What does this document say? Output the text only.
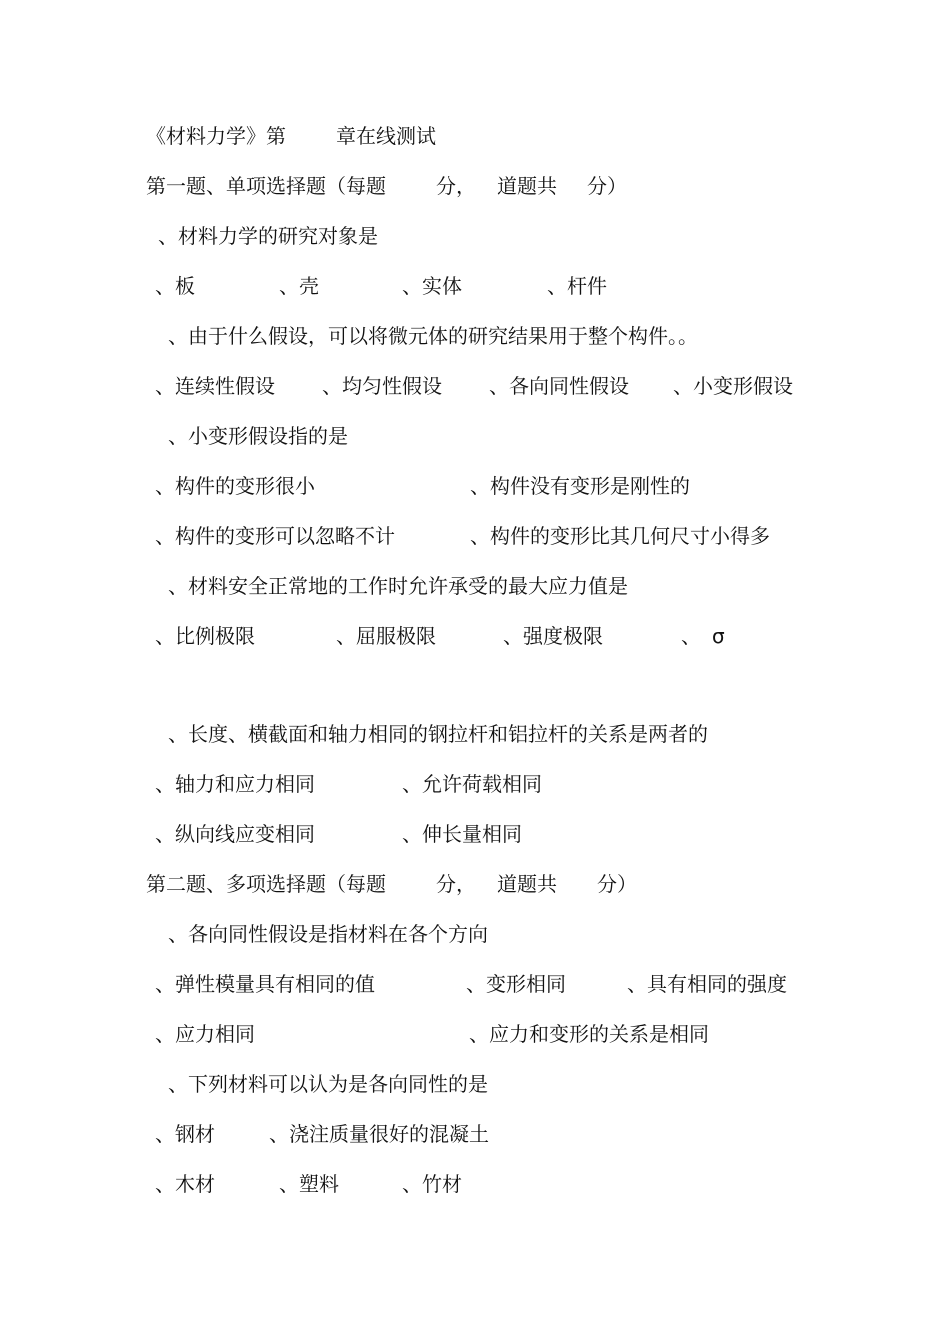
《材料力学》第	章在线测试
第一题、单项选择题（每题	分， 道题共 分）
、材料力学的研究对象是
、板	、壳	、实体	、杆件
、由于什么假设，可以将微元体的研究结果用于整个构件。。
、连续性假设 、均匀性假设 、各向同性假设 、小变形假设
、小变形假设指的是
、构件的变形很小	、构件没有变形是刚性的
、构件的变形可以忽略不计	、构件的变形比其几何尺寸小得多
、材料安全正常地的工作时允许承受的最大应力值是
、比例极限	、屈服极限	、强度极限	、 σ
、长度、横截面和轴力相同的钢拉杆和铝拉杆的关系是两者的
、轴力和应力相同	、允许荷载相同
、纵向线应变相同	、伸长量相同
第二题、多项选择题（每题	分， 道题共 分）
、各向同性假设是指材料在各个方向
、弹性模量具有相同的值	、变形相同	、具有相同的强度
、应力相同	、应力和变形的关系是相同
、下列材料可以认为是各向同性的是
、钢材	、浇注质量很好的混凝土
、木材	、塑料	、竹材
